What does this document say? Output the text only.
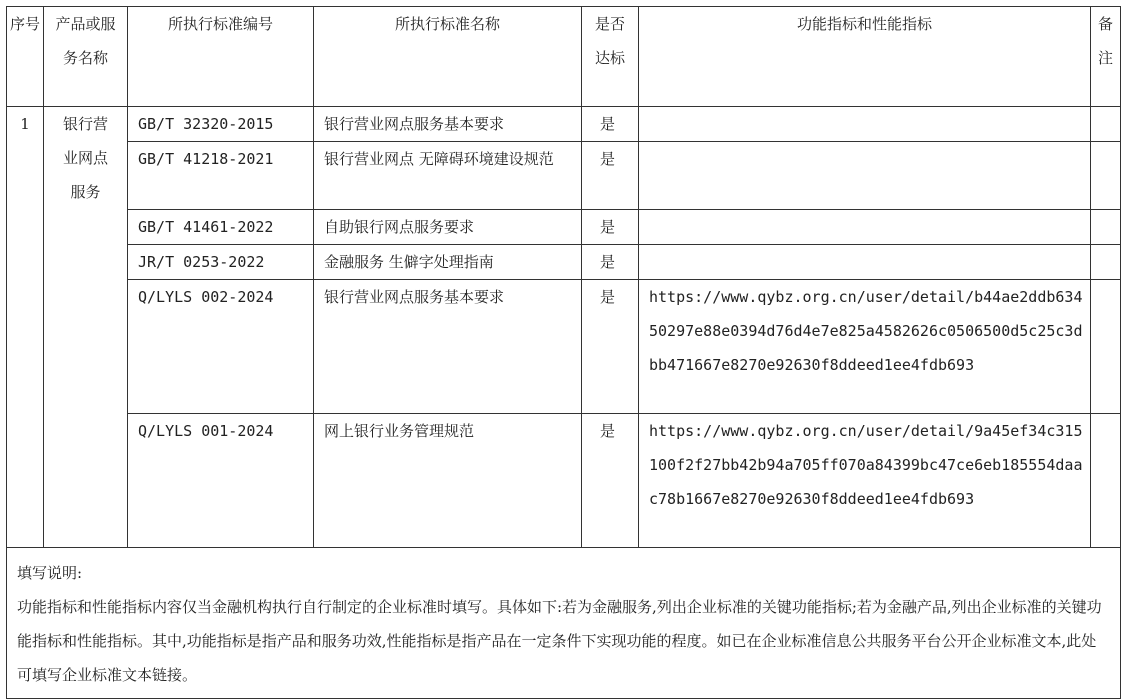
序号	产品或服务名称	所执行标准编号	所执行标准名称	是否达标	功能指标和性能指标	备注

1	银行营业网点服务	GB/T 32320-2015	银行营业网点服务基本要求	是		
		GB/T 41218-2021	银行营业网点 无障碍环境建设规范	是		
		GB/T 41461-2022	自助银行网点服务要求	是		
		JR/T 0253-2022	金融服务 生僻字处理指南	是		
		Q/LYLS 002-2024	银行营业网点服务基本要求	是	https://www.qybz.org.cn/user/detail/b44ae2ddb63450297e88e0394d76d4e7e825a4582626c0506500d5c25c3dbb471667e8270e92630f8ddeed1ee4fdb693	
		Q/LYLS 001-2024	网上银行业务管理规范	是	https://www.qybz.org.cn/user/detail/9a45ef34c315100f2f27bb42b94a705ff070a84399bc47ce6eb185554daac78b1667e8270e92630f8ddeed1ee4fdb693	

填写说明:
功能指标和性能指标内容仅当金融机构执行自行制定的企业标准时填写。具体如下:若为金融服务,列出企业标准的关键功能指标;若为金融产品,列出企业标准的关键功能指标和性能指标。其中,功能指标是指产品和服务功效,性能指标是指产品在一定条件下实现功能的程度。如已在企业标准信息公共服务平台公开企业标准文本,此处可填写企业标准文本链接。						
